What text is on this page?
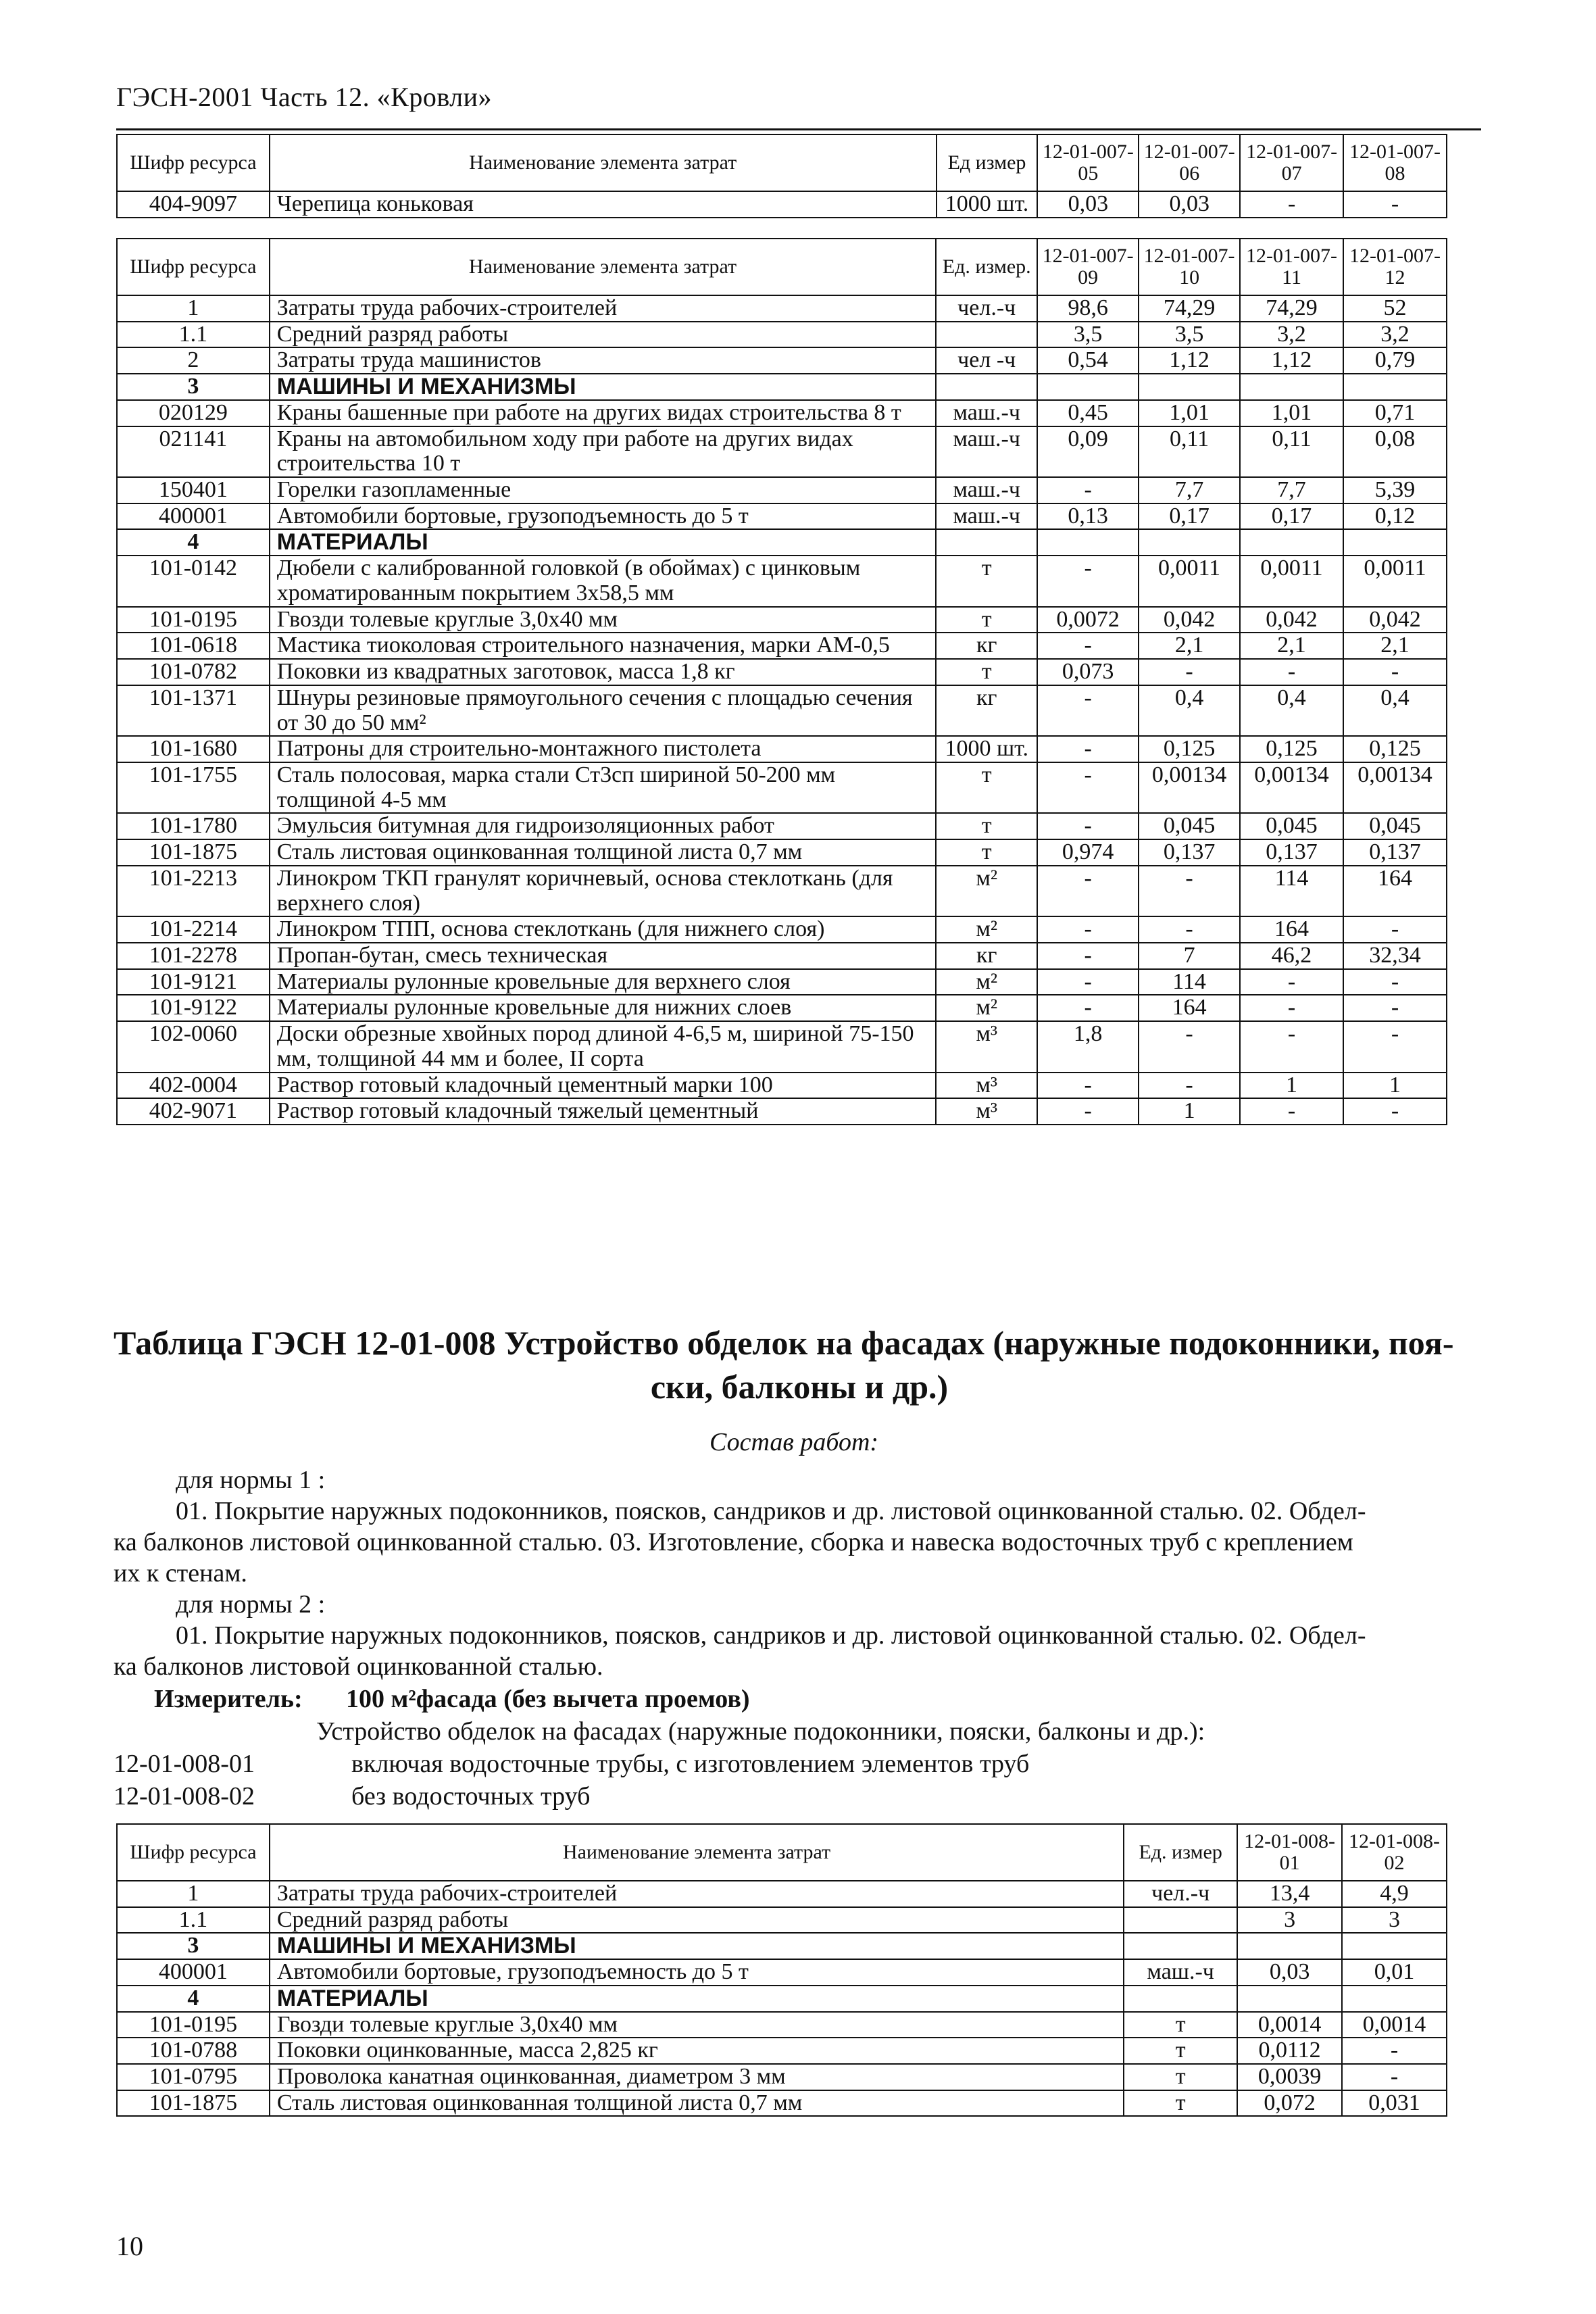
ГЭСН-2001 Часть 12. «Кровли»
Шифр ресурса	Наименование элемента затрат	Ед измер	12-01-007-05	12-01-007-06	12-01-007-07	12-01-007-08
404-9097	Черепица коньковая	1000 шт.	0,03	0,03	-	-
Шифр ресурса	Наименование элемента затрат	Ед. измер.	12-01-007-09	12-01-007-10	12-01-007-11	12-01-007-12
1	Затраты труда рабочих-строителей	чел.-ч	98,6	74,29	74,29	52
1.1	Средний разряд работы		3,5	3,5	3,2	3,2
2	Затраты труда машинистов	чел -ч	0,54	1,12	1,12	0,79
3	МАШИНЫ И МЕХАНИЗМЫ					
020129	Краны башенные при работе на других видах строительства 8 т	маш.-ч	0,45	1,01	1,01	0,71
021141	Краны на автомобильном ходу при работе на других видах строительства 10 т	маш.-ч	0,09	0,11	0,11	0,08
150401	Горелки газопламенные	маш.-ч	-	7,7	7,7	5,39
400001	Автомобили бортовые, грузоподъемность до 5 т	маш.-ч	0,13	0,17	0,17	0,12
4	МАТЕРИАЛЫ					
101-0142	Дюбели с калиброванной головкой (в обоймах) с цинковым хроматированным покрытием 3х58,5 мм	т	-	0,0011	0,0011	0,0011
101-0195	Гвозди толевые круглые 3,0х40 мм	т	0,0072	0,042	0,042	0,042
101-0618	Мастика тиоколовая строительного назначения, марки АМ-0,5	кг	-	2,1	2,1	2,1
101-0782	Поковки из квадратных заготовок, масса 1,8 кг	т	0,073	-	-	-
101-1371	Шнуры резиновые прямоугольного сечения с площадью сечения от 30 до 50 мм²	кг	-	0,4	0,4	0,4
101-1680	Патроны для строительно-монтажного пистолета	1000 шт.	-	0,125	0,125	0,125
101-1755	Сталь полосовая, марка стали Ст3сп шириной 50-200 мм толщиной 4-5 мм	т	-	0,00134	0,00134	0,00134
101-1780	Эмульсия битумная для гидроизоляционных работ	т	-	0,045	0,045	0,045
101-1875	Сталь листовая оцинкованная толщиной листа 0,7 мм	т	0,974	0,137	0,137	0,137
101-2213	Линокром ТКП гранулят коричневый, основа стеклоткань (для верхнего слоя)	м²	-	-	114	164
101-2214	Линокром ТПП, основа стеклоткань (для нижнего слоя)	м²	-	-	164	-
101-2278	Пропан-бутан, смесь техническая	кг	-	7	46,2	32,34
101-9121	Материалы рулонные кровельные для верхнего слоя	м²	-	114	-	-
101-9122	Материалы рулонные кровельные для нижних слоев	м²	-	164	-	-
102-0060	Доски обрезные хвойных пород длиной 4-6,5 м, шириной 75-150 мм, толщиной 44 мм и более, II сорта	м³	1,8	-	-	-
402-0004	Раствор готовый кладочный цементный марки 100	м³	-	-	1	1
402-9071	Раствор готовый кладочный тяжелый цементный	м³	-	1	-	-
Таблица ГЭСН 12-01-008 Устройство обделок на фасадах (наружные подоконники, поя-
ски, балконы и др.)
Состав работ:
для нормы 1 :
01. Покрытие наружных подоконников, поясков, сандриков и др. листовой оцинкованной сталью. 02. Обдел-
ка балконов листовой оцинкованной сталью. 03. Изготовление, сборка и навеска водосточных труб с креплением
их к стенам.
для нормы 2 :
01. Покрытие наружных подоконников, поясков, сандриков и др. листовой оцинкованной сталью. 02. Обдел-
ка балконов листовой оцинкованной сталью.
Измеритель: 100 м²фасада (без вычета проемов)
Устройство обделок на фасадах (наружные подоконники, пояски, балконы и др.):
12-01-008-01	включая водосточные трубы, с изготовлением элементов труб
12-01-008-02	без водосточных труб
Шифр ресурса	Наименование элемента затрат	Ед. измер	12-01-008-01	12-01-008-02
1	Затраты труда рабочих-строителей	чел.-ч	13,4	4,9
1.1	Средний разряд работы		3	3
3	МАШИНЫ И МЕХАНИЗМЫ			
400001	Автомобили бортовые, грузоподъемность до 5 т	маш.-ч	0,03	0,01
4	МАТЕРИАЛЫ			
101-0195	Гвозди толевые круглые 3,0х40 мм	т	0,0014	0,0014
101-0788	Поковки оцинкованные, масса 2,825 кг	т	0,0112	-
101-0795	Проволока канатная оцинкованная, диаметром 3 мм	т	0,0039	-
101-1875	Сталь листовая оцинкованная толщиной листа 0,7 мм	т	0,072	0,031
10
